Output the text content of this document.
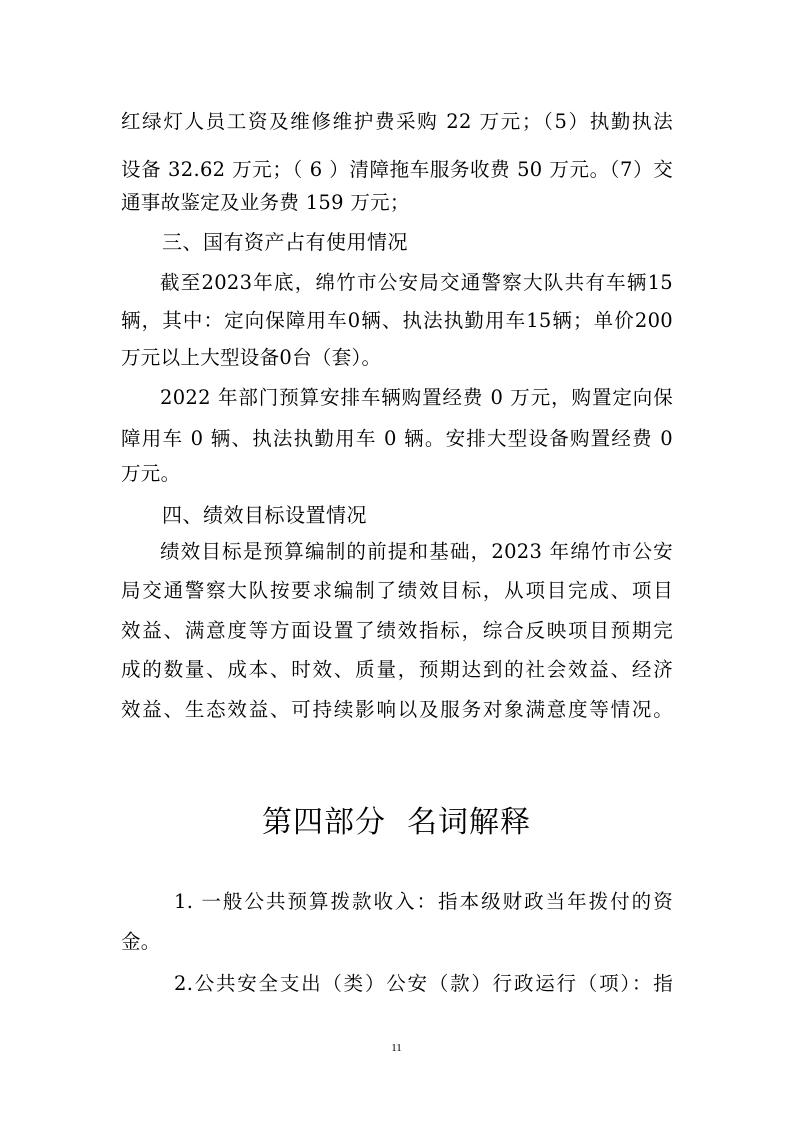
红绿灯人员工资及维修维护费采购 22 万元；（5）执勤执法
设备 32.62 万元；（ 6 ）清障拖车服务收费 50 万元。（7）交
通事故鉴定及业务费 159 万元；
三、国有资产占有使用情况
截至2023年底，绵竹市公安局交通警察大队共有车辆15
辆，其中：定向保障用车0辆、执法执勤用车15辆；单价200
万元以上大型设备0台（套）。
2022 年部门预算安排车辆购置经费 0 万元，购置定向保
障用车 0 辆、执法执勤用车 0 辆。安排大型设备购置经费 0
万元。
四、绩效目标设置情况
绩效目标是预算编制的前提和基础，2023 年绵竹市公安
局交通警察大队按要求编制了绩效目标，从项目完成、项目
效益、满意度等方面设置了绩效指标，综合反映项目预期完
成的数量、成本、时效、质量，预期达到的社会效益、经济
效益、生态效益、可持续影响以及服务对象满意度等情况。
第四部分  名词解释
1. 一般公共预算拨款收入：指本级财政当年拨付的资
金。
2.公共安全支出（类）公安（款）行政运行（项）：指
11
